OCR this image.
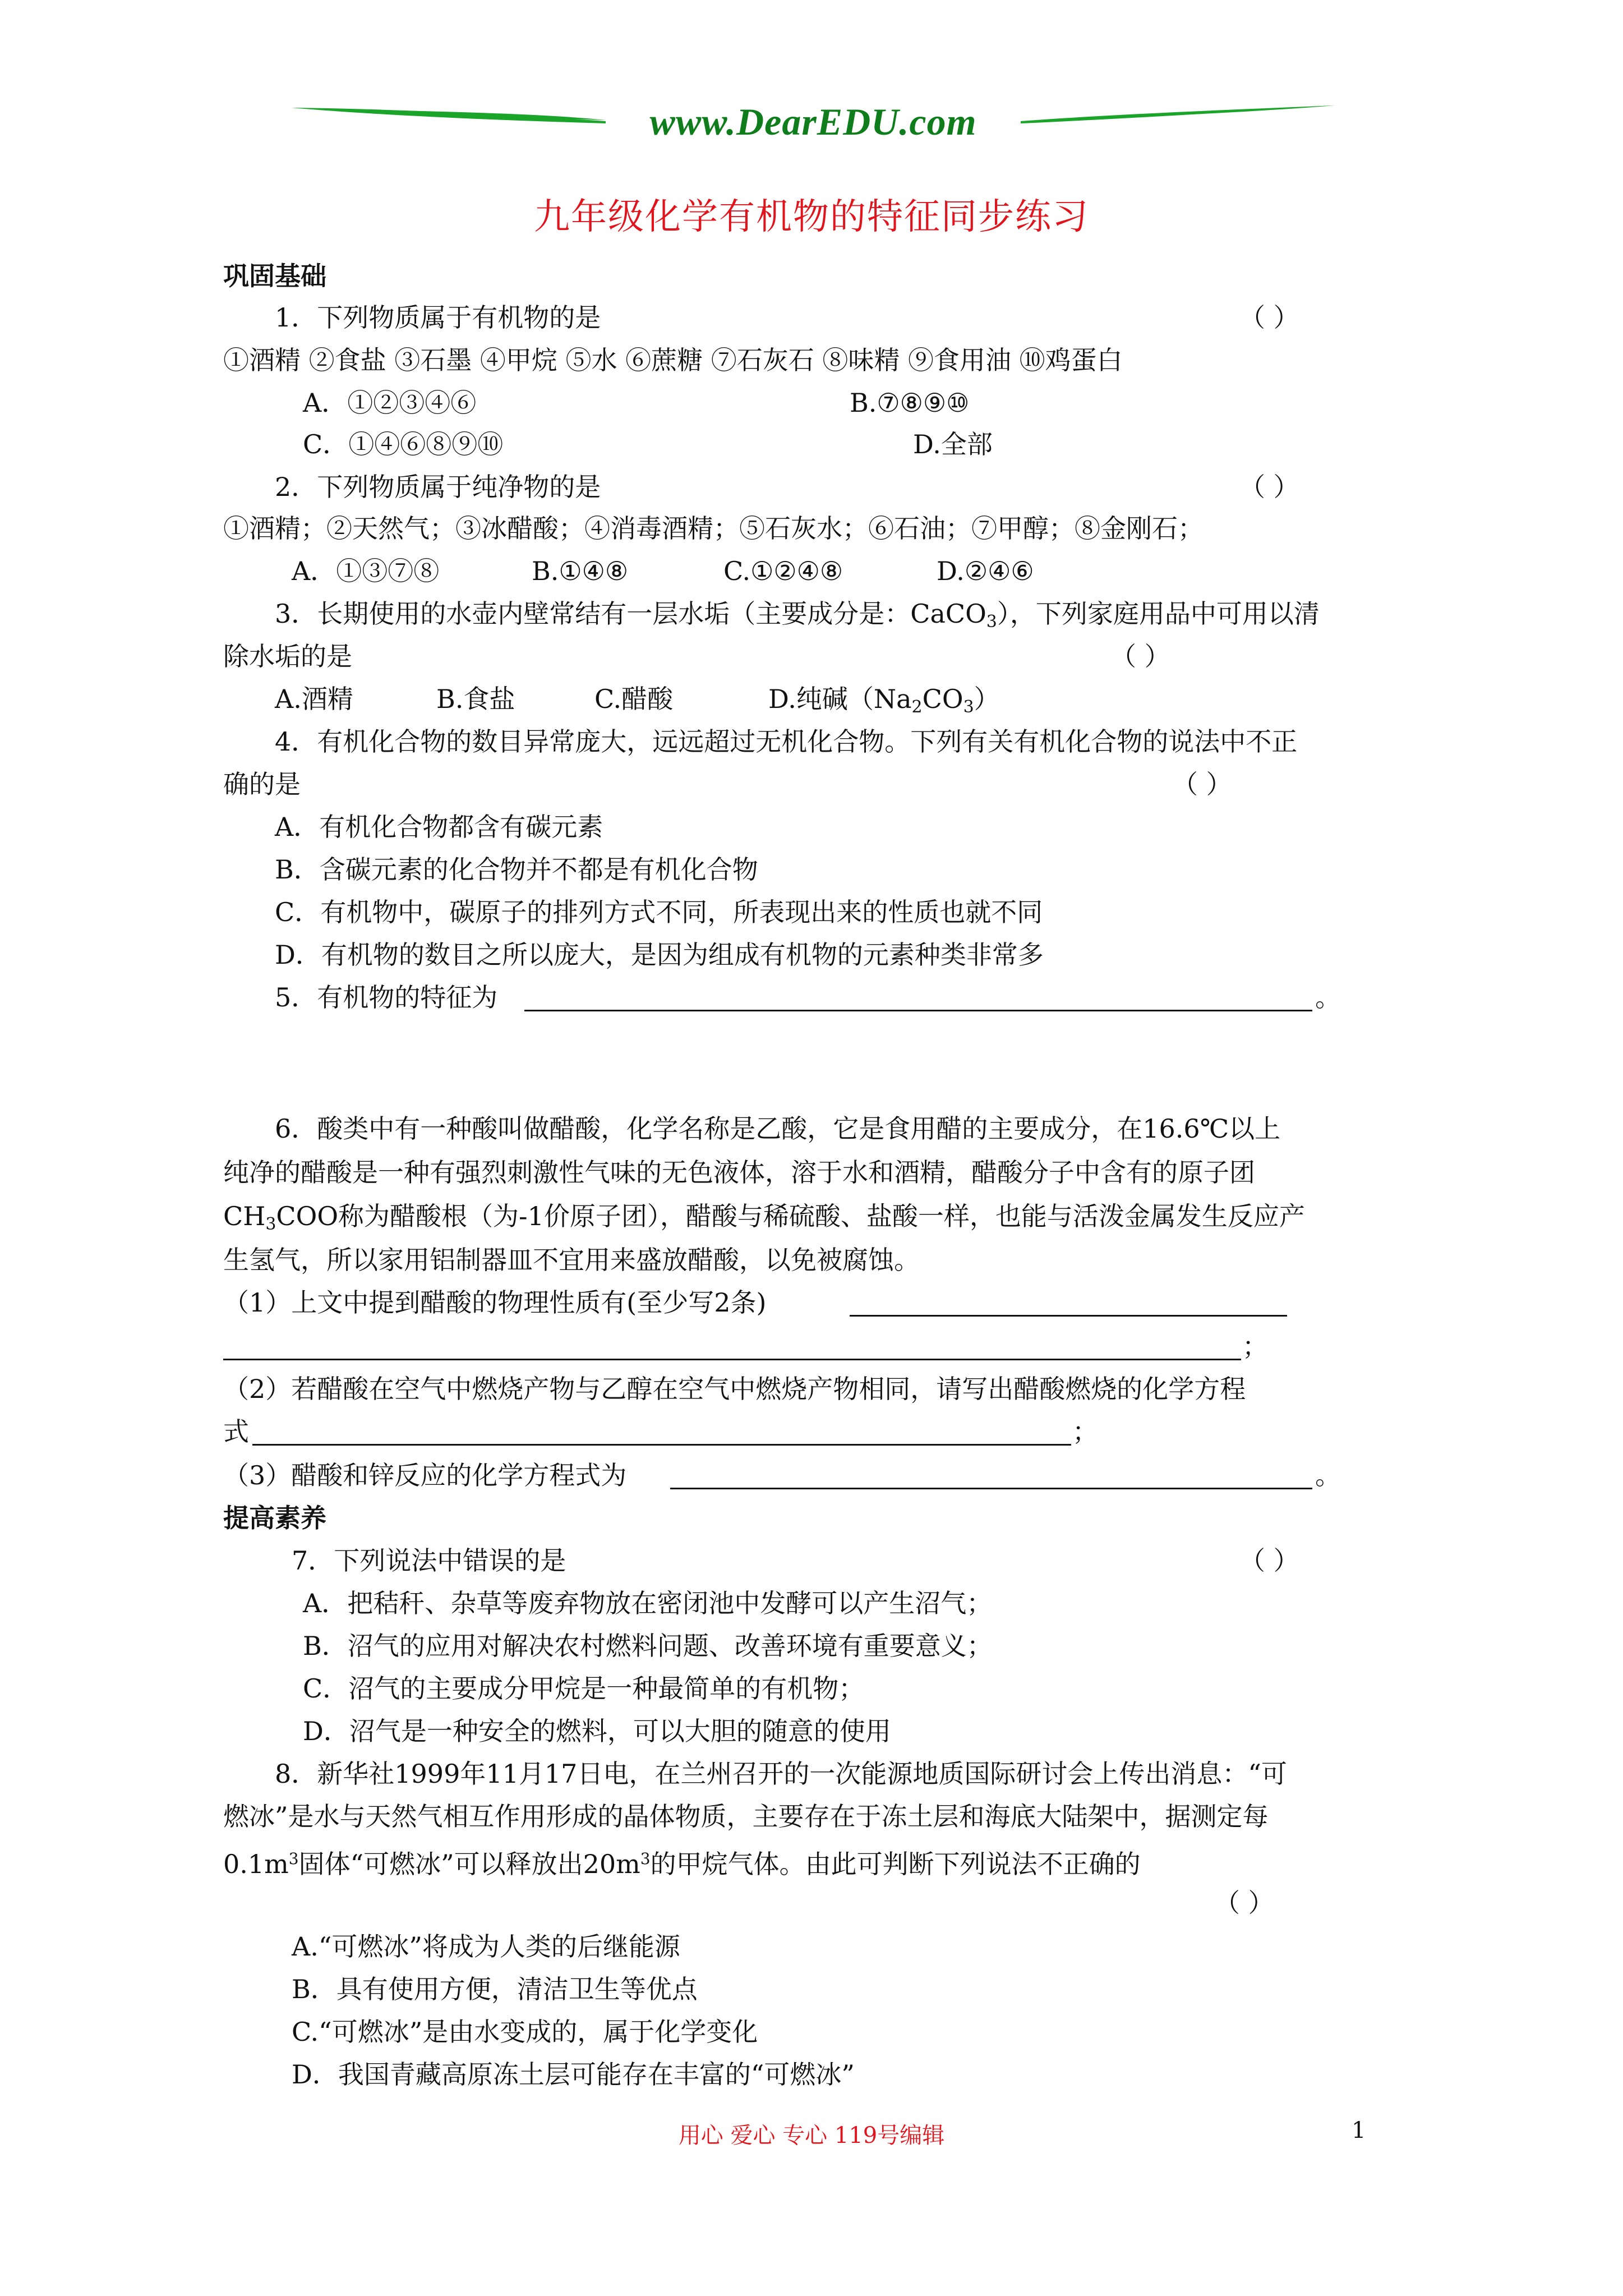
www.DearEDU.com
九年级化学有机物的特征同步练习
巩固基础
1．下列物质属于有机物的是	（ ）
①酒精 ②食盐 ③石墨 ④甲烷 ⑤水 ⑥蔗糖 ⑦石灰石 ⑧味精 ⑨食用油 ⑩鸡蛋白
A．①②③④⑥	B.⑦⑧⑨⑩
C．①④⑥⑧⑨⑩	D.全部
2．下列物质属于纯净物的是	（ ）
①酒精；②天然气；③冰醋酸；④消毒酒精；⑤石灰水；⑥石油；⑦甲醇；⑧金刚石；
A．①③⑦⑧	B.①④⑧	C.①②④⑧	D.②④⑥
3．长期使用的水壶内壁常结有一层水垢（主要成分是：CaCO$_3$），下列家庭用品中可用以清
除水垢的是	（ ）
A.酒精	B.食盐	C.醋酸	D.纯碱$(Na_2CO_3)$
4．有机化合物的数目异常庞大，远远超过无机化合物。下列有关有机化合物的说法中不正
确的是	（ ）
A．有机化合物都含有碳元素
B．含碳元素的化合物并不都是有机化合物
C．有机物中，碳原子的排列方式不同，所表现出来的性质也就不同
D．有机物的数目之所以庞大，是因为组成有机物的元素种类非常多
5．有机物的特征为	。
6．酸类中有一种酸叫做醋酸，化学名称是乙酸，它是食用醋的主要成分，在16.6℃以上
纯净的醋酸是一种有强烈刺激性气味的无色液体，溶于水和酒精，醋酸分子中含有的原子团
$CH_3COO$称为醋酸根（为-1价原子团），醋酸与稀硫酸、盐酸一样，也能与活泼金属发生反应产
生氢气，所以家用铝制器皿不宜用来盛放醋酸，以免被腐蚀。
（1）上文中提到醋酸的物理性质有(至少写2条)
；
（2）若醋酸在空气中燃烧产物与乙醇在空气中燃烧产物相同，请写出醋酸燃烧的化学方程
式	；
（3）醋酸和锌反应的化学方程式为	。
提高素养
7．下列说法中错误的是	（ ）
A．把秸秆、杂草等废弃物放在密闭池中发酵可以产生沼气；
B．沼气的应用对解决农村燃料问题、改善环境有重要意义；
C．沼气的主要成分甲烷是一种最简单的有机物；
D．沼气是一种安全的燃料，可以大胆的随意的使用
8．新华社1999年11月17日电，在兰州召开的一次能源地质国际研讨会上传出消息：“可
燃冰”是水与天然气相互作用形成的晶体物质，主要存在于冻土层和海底大陆架中，据测定每
$0.1m^3$固体“可燃冰”可以释放出$20m^3$的甲烷气体。由此可判断下列说法不正确的
（ ）
A.“可燃冰”将成为人类的后继能源
B．具有使用方便，清洁卫生等优点
C.“可燃冰”是由水变成的，属于化学变化
D．我国青藏高原冻土层可能存在丰富的“可燃冰”
用心 爱心 专心 119号编辑	1
